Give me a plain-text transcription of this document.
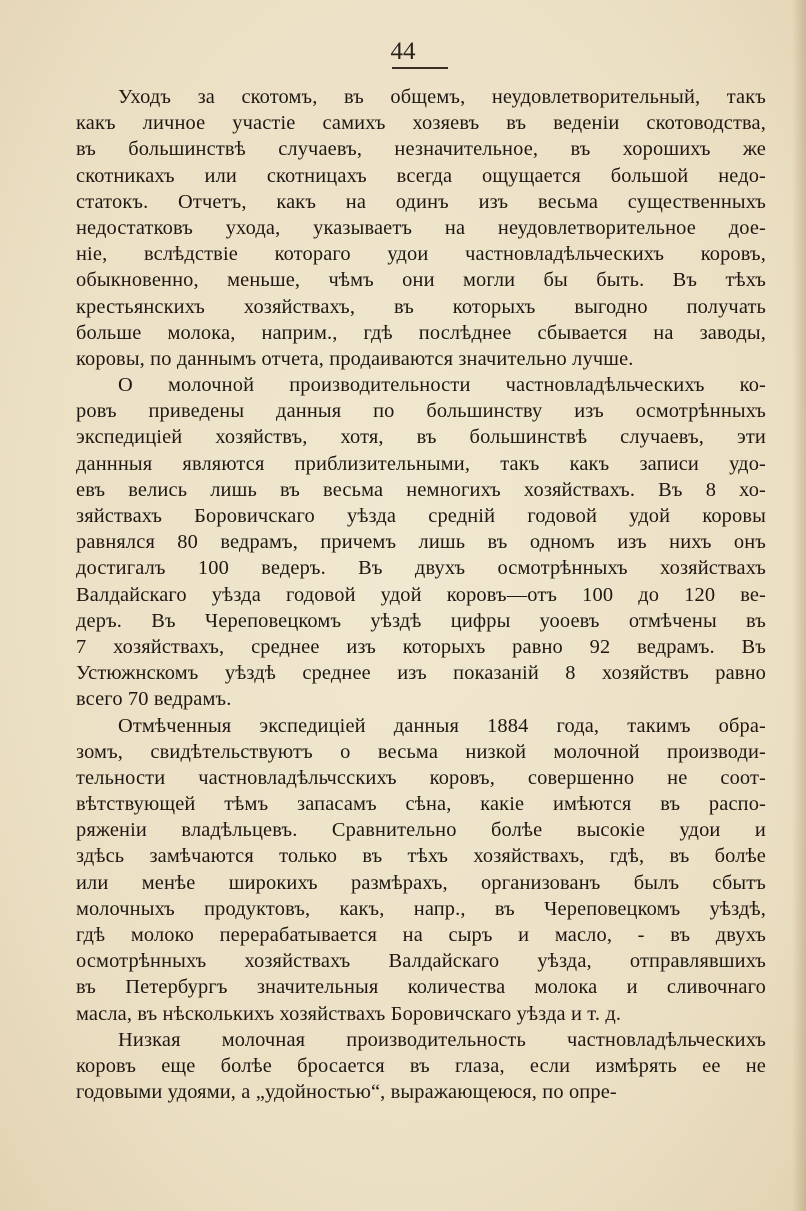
44
Уходъ за скотомъ, въ общемъ, неудовлетворительный, такъ
какъ личное участіе самихъ хозяевъ въ веденіи скотоводства,
въ большинствѣ случаевъ, незначительное, въ хорошихъ же
скотникахъ или скотницахъ всегда ощущается большой недо-
статокъ. Отчетъ, какъ на одинъ изъ весьма существенныхъ
недостатковъ ухода, указываетъ на неудовлетворительное дое-
ніе, вслѣдствіе котораго удои частновладѣльческихъ коровъ,
обыкновенно, меньше, чѣмъ они могли бы быть. Въ тѣхъ
крестьянскихъ хозяйствахъ, въ которыхъ выгодно получать
больше молока, наприм., гдѣ послѣднее сбывается на заводы,
коровы, по даннымъ отчета, продаиваются значительно лучше.
О молочной производительности частновладѣльческихъ ко-
ровъ приведены данныя по большинству изъ осмотрѣнныхъ
экспедиціей хозяйствъ, хотя, въ большинствѣ случаевъ, эти
даннныя являются приблизительными, такъ какъ записи удо-
евъ велись лишь въ весьма немногихъ хозяйствахъ. Въ 8 хо-
зяйствахъ Боровичскаго уѣзда средній годовой удой коровы
равнялся 80 ведрамъ, причемъ лишь въ одномъ изъ нихъ онъ
достигалъ 100 ведеръ. Въ двухъ осмотрѣнныхъ хозяйствахъ
Валдайскаго уѣзда годовой удой коровъ—отъ 100 до 120 ве-
деръ. Въ Череповецкомъ уѣздѣ цифры уооевъ отмѣчены въ
7 хозяйствахъ, среднее изъ которыхъ равно 92 ведрамъ. Въ
Устюжнскомъ уѣздѣ среднее изъ показаній 8 хозяйствъ равно
всего 70 ведрамъ.
Отмѣченныя экспедиціей данныя 1884 года, такимъ обра-
зомъ, свидѣтельствуютъ о весьма низкой молочной производи-
тельности частновладѣльчсскихъ коровъ, совершенно не соот-
вѣтствующей тѣмъ запасамъ сѣна, какіе имѣются въ распо-
ряженіи владѣльцевъ. Сравнительно болѣе высокіе удои и
здѣсь замѣчаются только въ тѣхъ хозяйствахъ, гдѣ, въ болѣе
или менѣе широкихъ размѣрахъ, организованъ былъ сбытъ
молочныхъ продуктовъ, какъ, напр., въ Череповецкомъ уѣздѣ,
гдѣ молоко перерабатывается на сыръ и масло, - въ двухъ
осмотрѣнныхъ хозяйствахъ Валдайскаго уѣзда, отправлявшихъ
въ Петербургъ значительныя количества молока и сливочнаго
масла, въ нѣсколькихъ хозяйствахъ Боровичскаго уѣзда и т. д.
Низкая молочная производительность частновладѣльческихъ
коровъ еще болѣе бросается въ глаза, если измѣрять ее не
годовыми удоями, а „удойностью“, выражающеюся, по опре-
